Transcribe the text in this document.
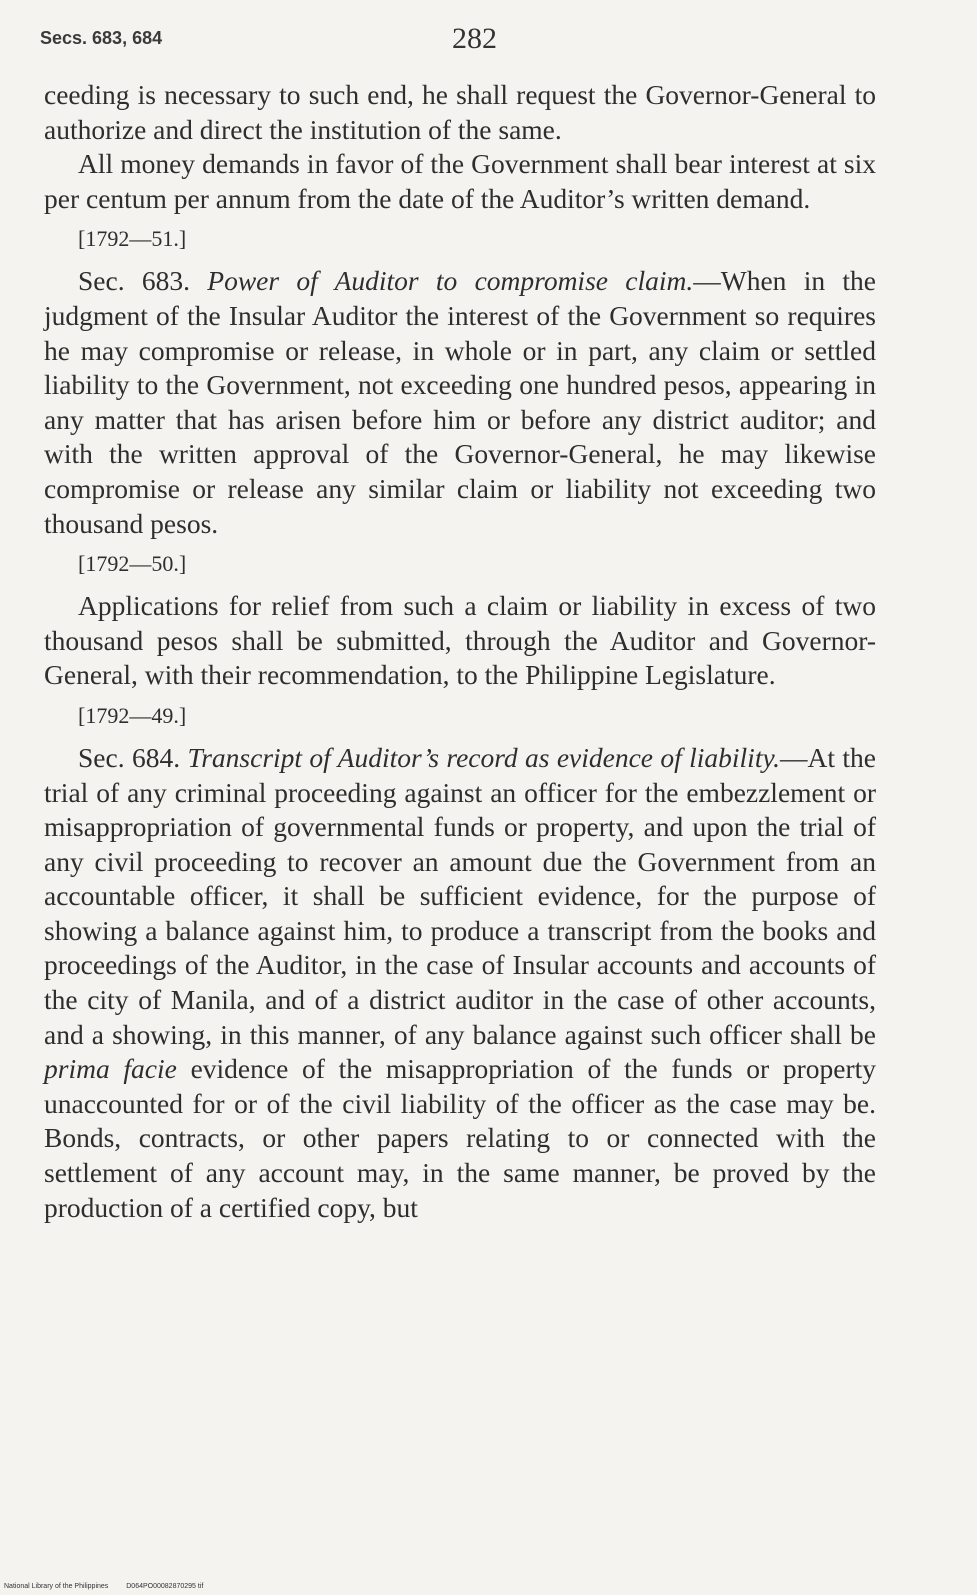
Secs. 683, 684	282

ceeding is necessary to such end, he shall request the Governor-General to authorize and direct the institution of the same.

All money demands in favor of the Government shall bear interest at six per centum per annum from the date of the Auditor’s written demand.

[1792—51.]

Sec. 683. Power of Auditor to compromise claim.—When in the judgment of the Insular Auditor the interest of the Government so requires he may compromise or release, in whole or in part, any claim or settled liability to the Government, not exceeding one hundred pesos, appearing in any matter that has arisen before him or before any district auditor; and with the written approval of the Governor-General, he may likewise compromise or release any similar claim or liability not exceeding two thousand pesos.

[1792—50.]

Applications for relief from such a claim or liability in excess of two thousand pesos shall be submitted, through the Auditor and Governor-General, with their recommendation, to the Philippine Legislature.

[1792—49.]

Sec. 684. Transcript of Auditor’s record as evidence of liability.—At the trial of any criminal proceeding against an officer for the embezzlement or misappropriation of governmental funds or property, and upon the trial of any civil proceeding to recover an amount due the Government from an accountable officer, it shall be sufficient evidence, for the purpose of showing a balance against him, to produce a transcript from the books and proceedings of the Auditor, in the case of Insular accounts and accounts of the city of Manila, and of a district auditor in the case of other accounts, and a showing, in this manner, of any balance against such officer shall be prima facie evidence of the misappropriation of the funds or property unaccounted for or of the civil liability of the officer as the case may be. Bonds, contracts, or other papers relating to or connected with the settlement of any account may, in the same manner, be proved by the production of a certified copy, but

National Library of the Philippines	D064PO00082870295 tif
